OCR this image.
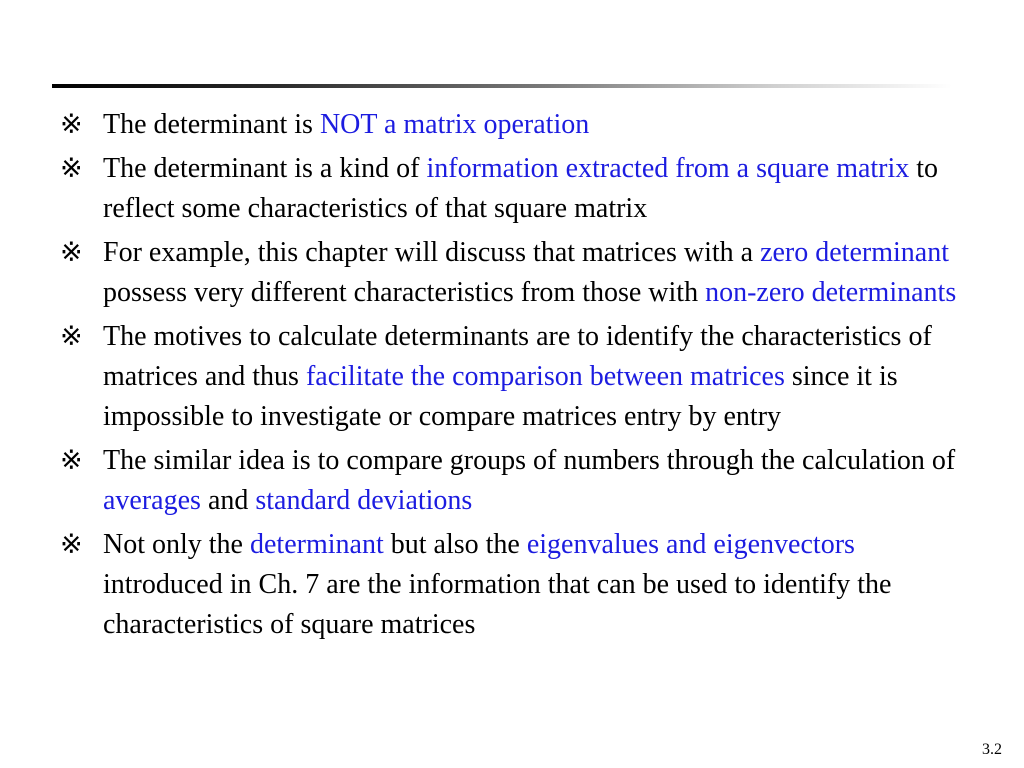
※ The determinant is NOT a matrix operation
※ The determinant is a kind of information extracted from a square matrix to reflect some characteristics of that square matrix
※ For example, this chapter will discuss that matrices with a zero determinant possess very different characteristics from those with non-zero determinants
※ The motives to calculate determinants are to identify the characteristics of matrices and thus facilitate the comparison between matrices since it is impossible to investigate or compare matrices entry by entry
※ The similar idea is to compare groups of numbers through the calculation of averages and standard deviations
※ Not only the determinant but also the eigenvalues and eigenvectors introduced in Ch. 7 are the information that can be used to identify the characteristics of square matrices
3.2
